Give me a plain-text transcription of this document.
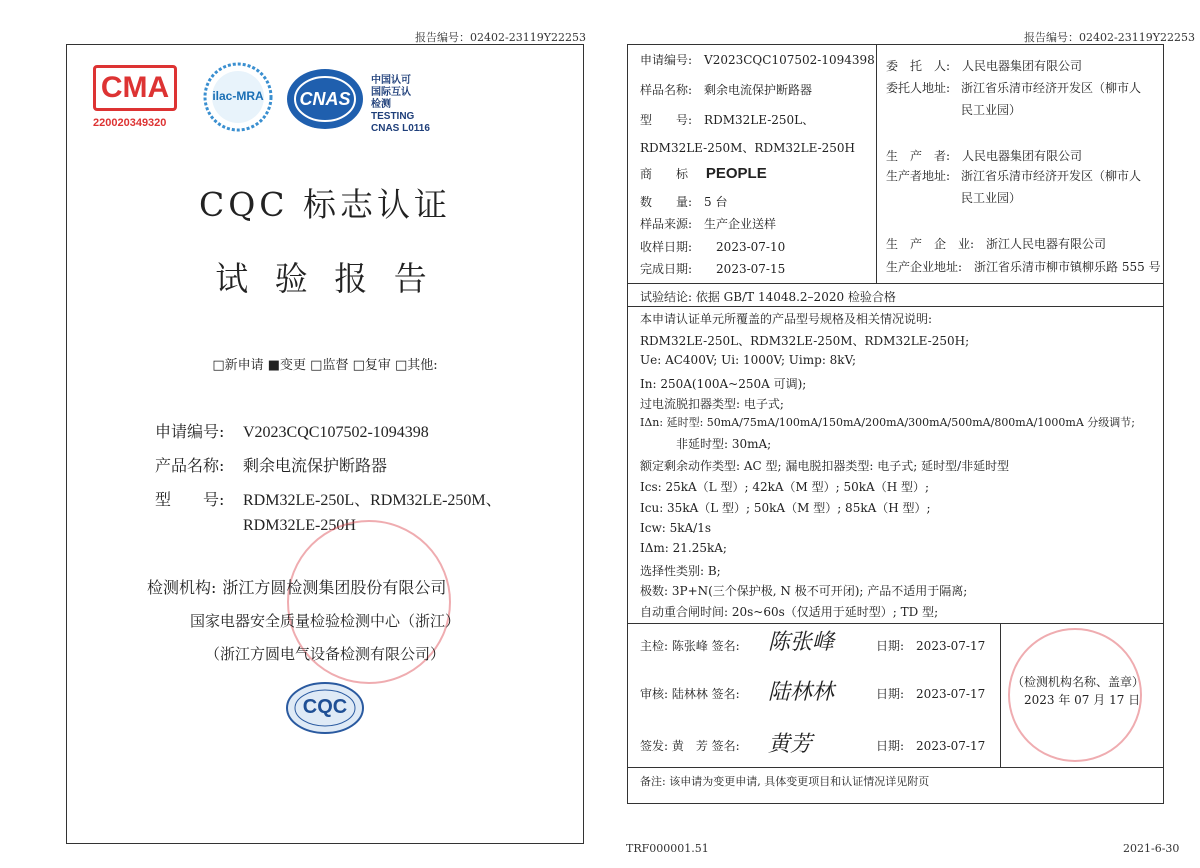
报告编号：02402-23119Y22253
CMA
220020349320
ilac-MRA	CNAS
中国认可
国际互认
检测
TESTING
CNAS L0116
CQC 标志认证
试 验 报 告
□新申请 ■变更 □监督 □复审 □其他:
申请编号: V2023CQC107502-1094398
产品名称: 剩余电流保护断路器
型　　号: RDM32LE-250L、RDM32LE-250M、
RDM32LE-250H
检测机构: 浙江方圆检测集团股份有限公司
国家电器安全质量检验检测中心（浙江）
（浙江方圆电气设备检测有限公司）
CQC
TRF000001.51
报告编号：02402-23119Y22253
申请编号:　V2023CQC107502-1094398
样品名称:　剩余电流保护断路器
型　　号:　RDM32LE-250L、
RDM32LE-250M、RDM32LE-250H
商　　标 PEOPLE
数　　量:　5 台
样品来源:　生产企业送样
收样日期:　　2023-07-10
完成日期:　　2023-07-15
委　托　人:　人民电器集团有限公司
委托人地址: 浙江省乐清市经济开发区（柳市人
民工业园）
生　产　者:　人民电器集团有限公司
生产者地址: 浙江省乐清市经济开发区（柳市人
民工业园）
生　产　企　业:　浙江人民电器有限公司
生产企业地址:　浙江省乐清市柳市镇柳乐路 555 号
试验结论: 依据 GB/T 14048.2–2020 检验合格
本申请认证单元所覆盖的产品型号规格及相关情况说明:
RDM32LE-250L、RDM32LE-250M、RDM32LE-250H;
Ue: AC400V; Ui: 1000V; Uimp: 8kV;
In: 250A(100A~250A 可调);
过电流脱扣器类型: 电子式;
IΔn: 延时型: 50mA/75mA/100mA/150mA/200mA/300mA/500mA/800mA/1000mA 分级调节;
　　　非延时型: 30mA;
额定剩余动作类型: AC 型; 漏电脱扣器类型: 电子式; 延时型/非延时型
Ics: 25kA（L 型）; 42kA（M 型）; 50kA（H 型）;
Icu: 35kA（L 型）; 50kA（M 型）; 85kA（H 型）;
Icw: 5kA/1s
IΔm: 21.25kA;
选择性类别: B;
极数: 3P+N(三个保护极, N 极不可开闭); 产品不适用于隔离;
自动重合闸时间: 20s~60s（仅适用于延时型）; TD 型;
主检: 陈张峰 签名: 陈张峰	日期:　2023-07-17
审核: 陆林林 签名: 陆林林	日期:　2023-07-17
签发: 黄　芳 签名: 黄芳	日期:　2023-07-17
（检测机构名称、盖章）
2023 年 07 月 17 日
备注: 该申请为变更申请, 具体变更项目和认证情况详见附页
2021-6-30
